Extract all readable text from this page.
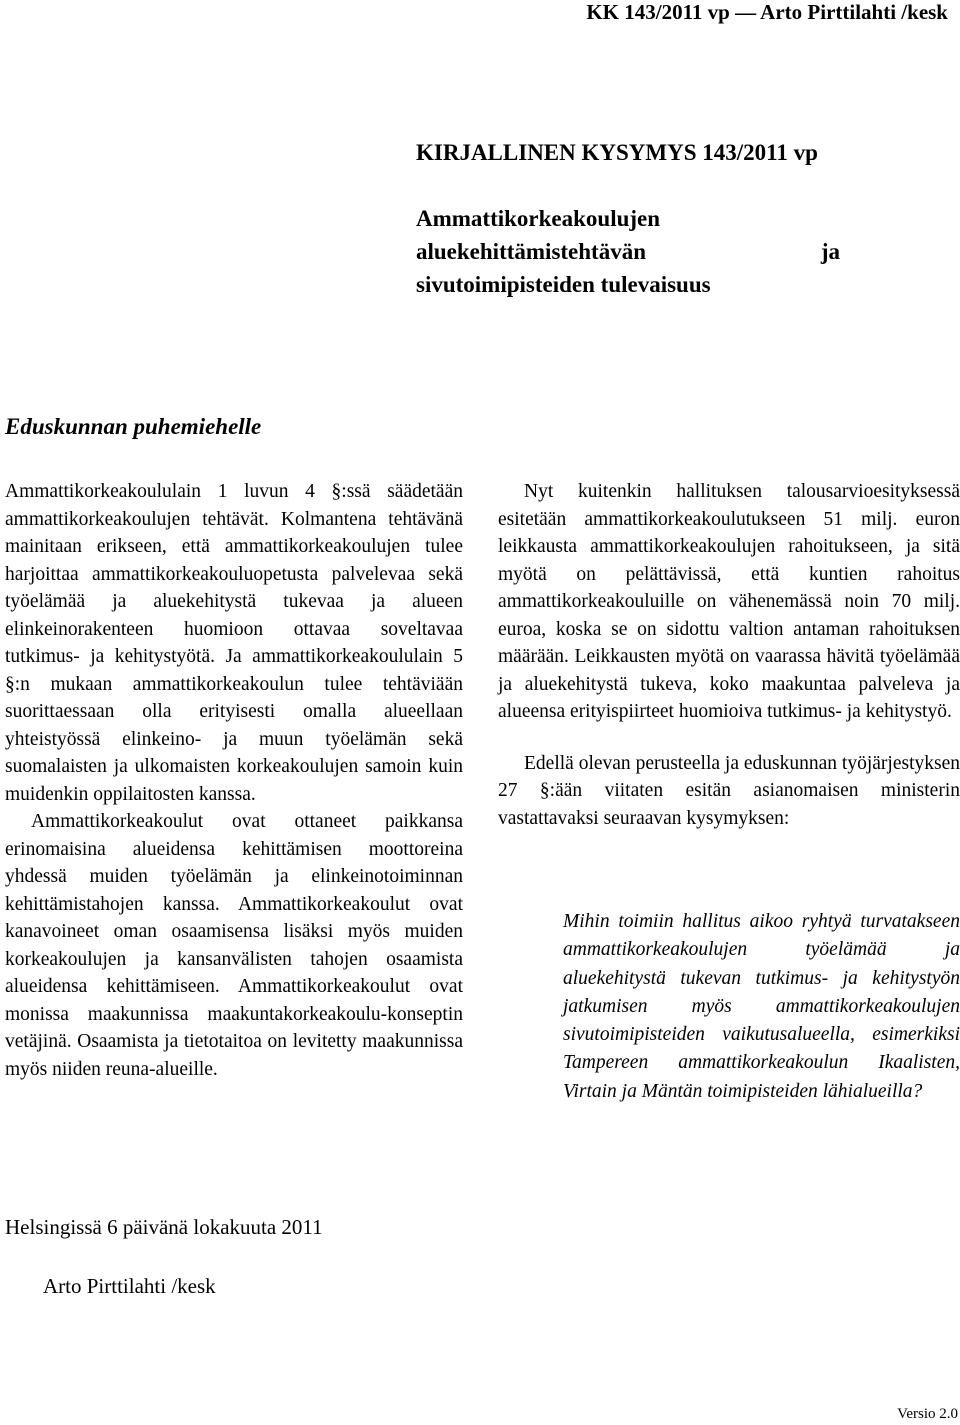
KK 143/2011 vp — Arto Pirttilahti /kesk
KIRJALLINEN KYSYMYS 143/2011 vp
Ammattikorkeakoulujen aluekehittämistehtävän ja sivutoimipisteiden tulevaisuus
Eduskunnan puhemiehelle

Ammattikorkeakoululain 1 luvun 4 §:ssä säädetään ammattikorkeakoulujen tehtävät. Kolmantena tehtävänä mainitaan erikseen, että ammattikorkeakoulujen tulee harjoittaa ammattikorkeakouluopetusta palvelevaa sekä työelämää ja aluekehitystä tukevaa ja alueen elinkeinorakenteen huomioon ottavaa soveltavaa tutkimus- ja kehitystyötä. Ja ammattikorkeakoululain 5 §:n mukaan ammattikorkeakoulun tulee tehtäviään suorittaessaan olla erityisesti omalla alueellaan yhteistyössä elinkeino- ja muun työelämän sekä suomalaisten ja ulkomaisten korkeakoulujen samoin kuin muidenkin oppilaitosten kanssa.

Ammattikorkeakoulut ovat ottaneet paikkansa erinomaisina alueidensa kehittämisen moottoreina yhdessä muiden työelämän ja elinkeinotoiminnan kehittämistahojen kanssa. Ammattikorkeakoulut ovat kanavoineet oman osaamisensa lisäksi myös muiden korkeakoulujen ja kansanvälisten tahojen osaamista alueidensa kehittämiseen. Ammattikorkeakoulut ovat monissa maakunnissa maakuntakorkeakoulu-konseptin vetäjinä. Osaamista ja tietotaitoa on levitetty maakunnissa myös niiden reuna-alueille.

Nyt kuitenkin hallituksen talousarvioesityksessä esitetään ammattikorkeakoulutukseen 51 milj. euron leikkausta ammattikorkeakoulujen rahoitukseen, ja sitä myötä on pelättävissä, että kuntien rahoitus ammattikorkeakouluille on vähenemässä noin 70 milj. euroa, koska se on sidottu valtion antaman rahoituksen määrään. Leikkausten myötä on vaarassa hävitä työelämää ja aluekehitystä tukeva, koko maakuntaa palveleva ja alueensa erityispiirteet huomioiva tutkimus- ja kehitystyö.

Edellä olevan perusteella ja eduskunnan työjärjestyksen 27 §:ään viitaten esitän asianomaisen ministerin vastattavaksi seuraavan kysymyksen:

Mihin toimiin hallitus aikoo ryhtyä turvatakseen ammattikorkeakoulujen työelämää ja aluekehitystä tukevan tutkimus- ja kehitystyön jatkumisen myös ammattikorkeakoulujen sivutoimipisteiden vaikutusalueella, esimerkiksi Tampereen ammattikorkeakoulun Ikaalisten, Virtain ja Mäntän toimipisteiden lähialueilla?
Helsingissä 6 päivänä lokakuuta 2011
Arto Pirttilahti /kesk
Versio 2.0
